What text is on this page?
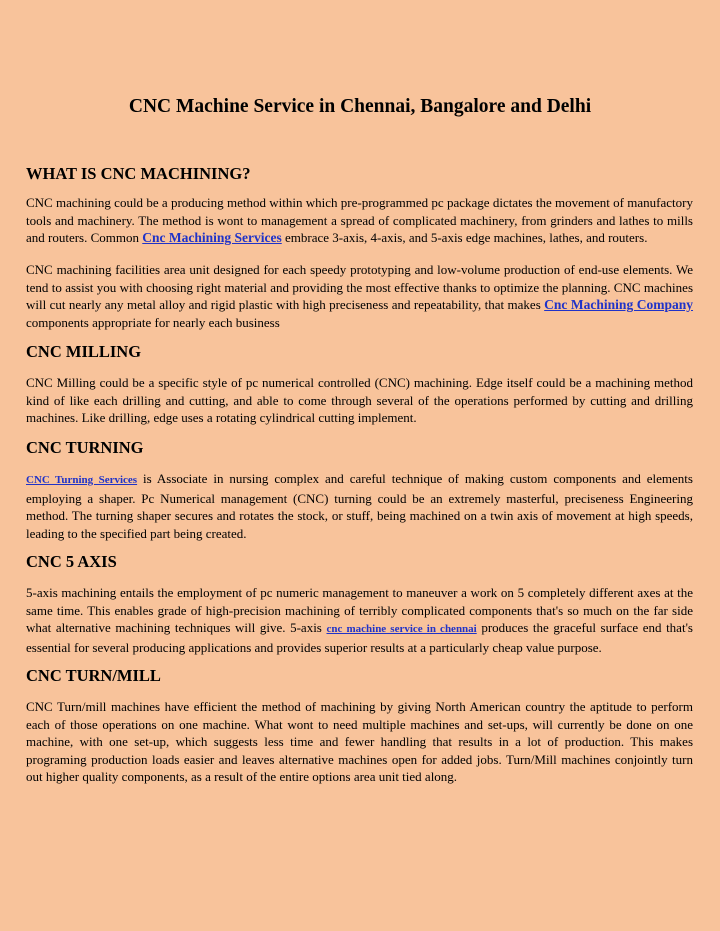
CNC Machine Service in Chennai, Bangalore and Delhi
WHAT IS CNC MACHINING?

CNC machining could be a producing method within which pre-programmed pc package dictates the movement of manufactory tools and machinery. The method is wont to management a spread of complicated machinery, from grinders and lathes to mills and routers. Common Cnc Machining Services embrace 3-axis, 4-axis, and 5-axis edge machines, lathes, and routers.

CNC machining facilities area unit designed for each speedy prototyping and low-volume production of end-use elements. We tend to assist you with choosing right material and providing the most effective thanks to optimize the planning. CNC machines will cut nearly any metal alloy and rigid plastic with high preciseness and repeatability, that makes Cnc Machining Company components appropriate for nearly each business

CNC MILLING

CNC Milling could be a specific style of pc numerical controlled (CNC) machining. Edge itself could be a machining method kind of like each drilling and cutting, and able to come through several of the operations performed by cutting and drilling machines. Like drilling, edge uses a rotating cylindrical cutting implement.

CNC TURNING

CNC Turning Services is Associate in nursing complex and careful technique of making custom components and elements employing a shaper. Pc Numerical management (CNC) turning could be an extremely masterful, preciseness Engineering method. The turning shaper secures and rotates the stock, or stuff, being machined on a twin axis of movement at high speeds, leading to the specified part being created.

CNC 5 AXIS

5-axis machining entails the employment of pc numeric management to maneuver a work on 5 completely different axes at the same time. This enables grade of high-precision machining of terribly complicated components that's so much on the far side what alternative machining techniques will give. 5-axis cnc machine service in chennai produces the graceful surface end that's essential for several producing applications and provides superior results at a particularly cheap value purpose.

CNC TURN/MILL

CNC Turn/mill machines have efficient the method of machining by giving North American country the aptitude to perform each of those operations on one machine. What wont to need multiple machines and set-ups, will currently be done on one machine, with one set-up, which suggests less time and fewer handling that results in a lot of production. This makes programing production loads easier and leaves alternative machines open for added jobs. Turn/Mill machines conjointly turn out higher quality components, as a result of the entire options area unit tied along.
